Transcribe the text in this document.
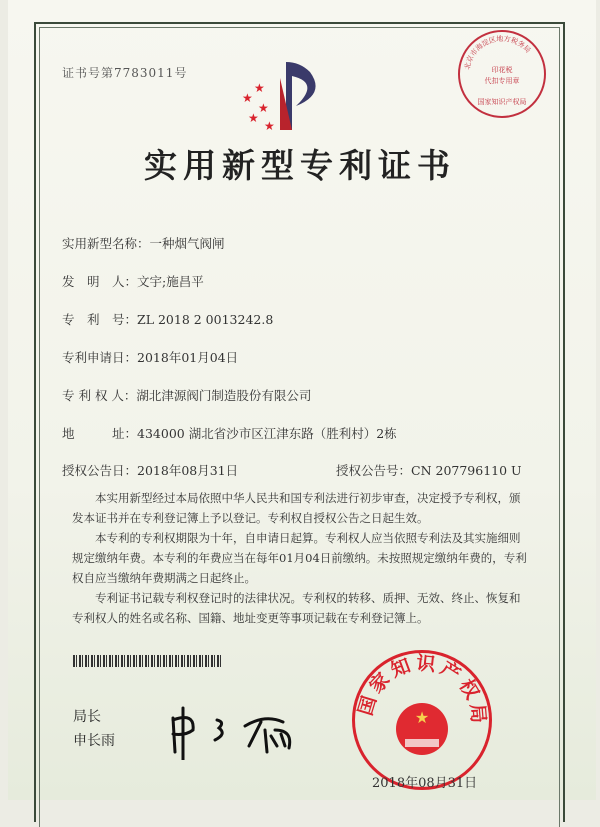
证书号第7783011号
北京市海淀区地方税务局
印花税
代扣专用章
国家知识产权局
★
★
★
★
★
实用新型专利证书
实用新型名称：一种烟气阀闸
发　明　人：文宇;施昌平
专　利　号：ZL 2018 2 0013242.8
专利申请日：2018年01月04日
专 利 权 人：湖北津源阀门制造股份有限公司
地　　　址：434000 湖北省沙市区江津东路（胜利村）2栋
授权公告日：2018年08月31日	授权公告号：CN 207796110 U
本实用新型经过本局依照中华人民共和国专利法进行初步审查，决定授予专利权，颁发本证书并在专利登记簿上予以登记。专利权自授权公告之日起生效。
本专利的专利权期限为十年，自申请日起算。专利权人应当依照专利法及其实施细则规定缴纳年费。本专利的年费应当在每年01月04日前缴纳。未按照规定缴纳年费的，专利权自应当缴纳年费期满之日起终止。
专利证书记载专利权登记时的法律状况。专利权的转移、质押、无效、终止、恢复和专利权人的姓名或名称、国籍、地址变更等事项记载在专利登记簿上。
局长
申长雨
国家知识产权局
★
2018年08月31日
